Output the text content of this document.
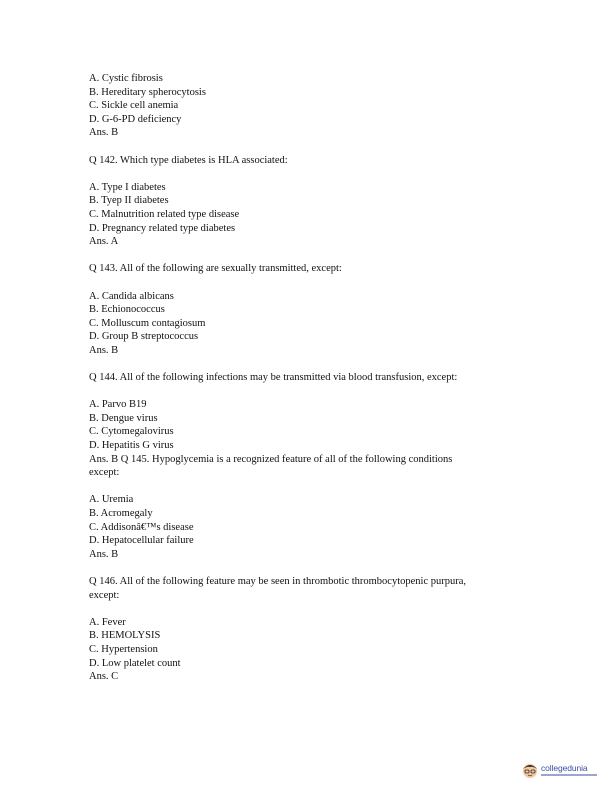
A. Cystic fibrosis
B. Hereditary spherocytosis
C. Sickle cell anemia
D. G-6-PD deficiency
Ans. B
Q 142. Which type diabetes is HLA associated:
A. Type I diabetes
B. Tyep II diabetes
C. Malnutrition related type disease
D. Pregnancy related type diabetes
Ans. A
Q 143. All of the following are sexually transmitted, except:
A. Candida albicans
B. Echionococcus
C. Molluscum contagiosum
D. Group B streptococcus
Ans. B
Q 144. All of the following infections may be transmitted via blood transfusion, except:
A. Parvo B19
B. Dengue virus
C. Cytomegalovirus
D. Hepatitis G virus
Ans. B Q 145. Hypoglycemia is a recognized feature of all of the following conditions
except:
A. Uremia
B. Acromegaly
C. Addisonâ€™s disease
D. Hepatocellular failure
Ans. B
Q 146. All of the following feature may be seen in thrombotic thrombocytopenic purpura,
except:
A. Fever
B. HEMOLYSIS
C. Hypertension
D. Low platelet count
Ans. C
collegedunia
